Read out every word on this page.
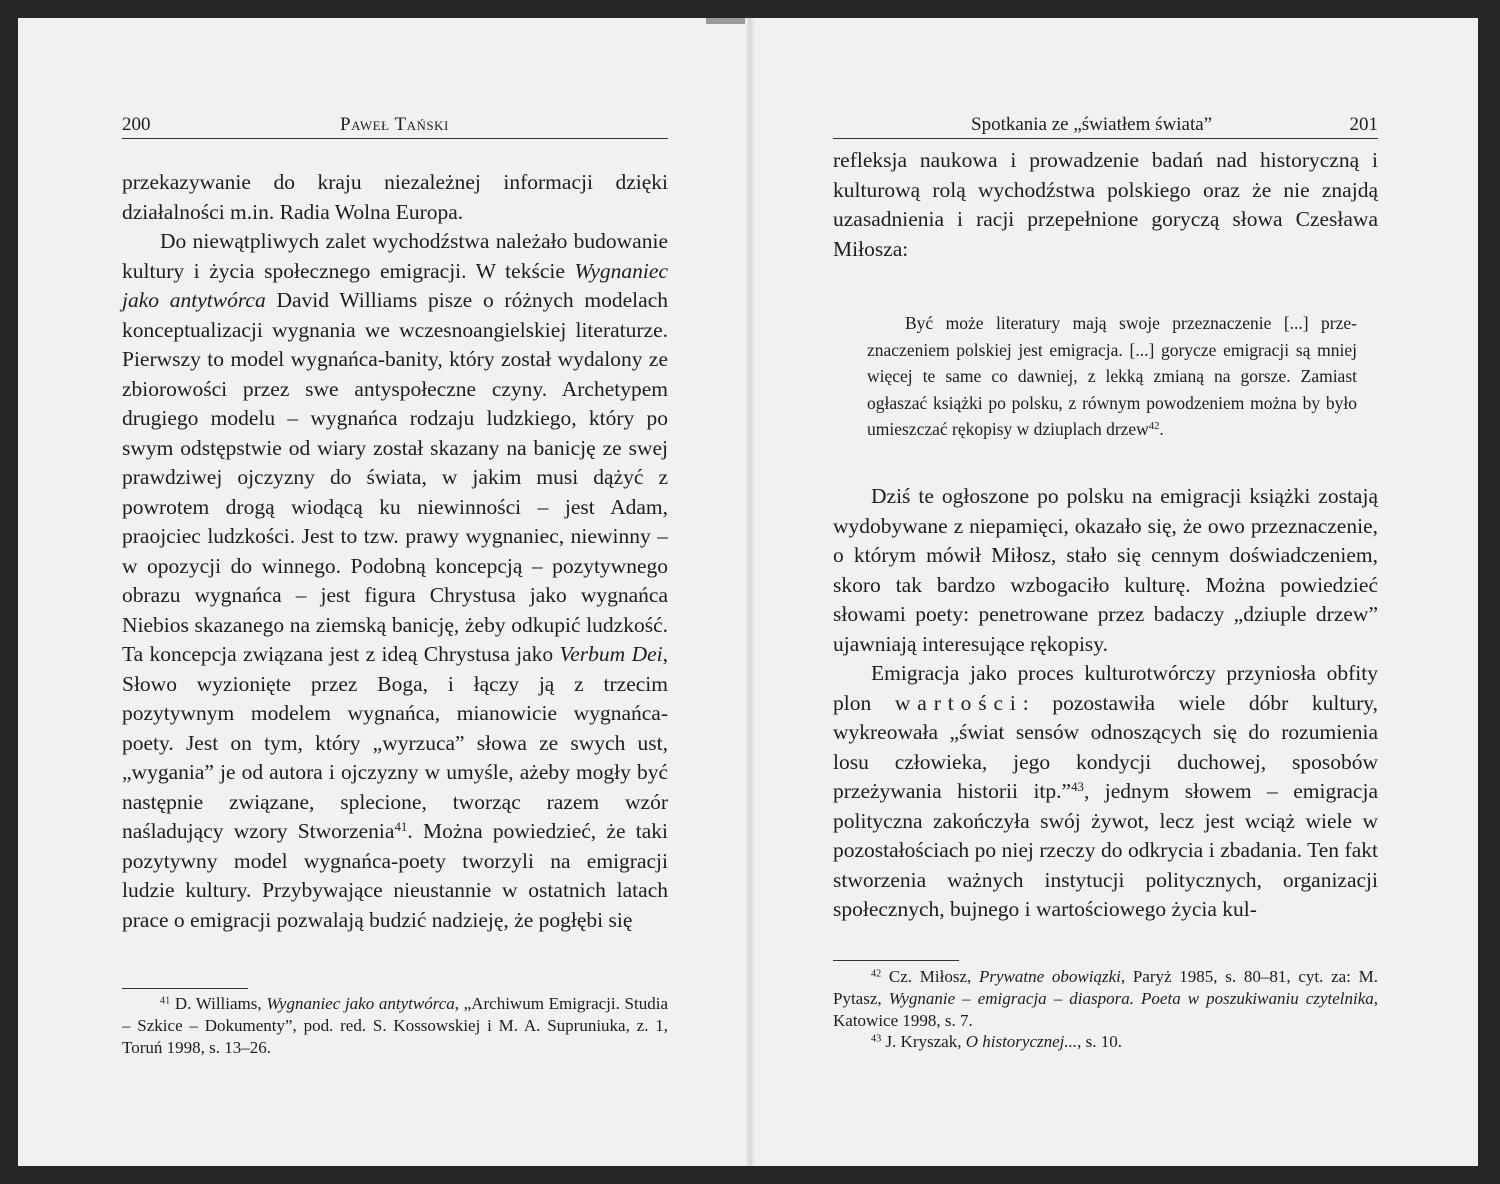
200	Paweł Tański

przekazywanie do kraju niezależnej informacji dzięki działalności m.in. Radia Wolna Europa.

Do niewątpliwych zalet wychodźstwa należało budowanie kultury i życia społecznego emigracji. W tekście Wygnaniec jako antytwórca David Williams pisze o różnych modelach konceptualizacji wygnania we wczesnoangielskiej literaturze. Pierwszy to model wygnańca-banity, który został wydalony ze zbiorowości przez swe antyspołeczne czyny. Archetypem drugiego modelu – wygnańca rodzaju ludzkiego, który po swym odstępstwie od wiary został skazany na banicję ze swej prawdziwej ojczyzny do świata, w jakim musi dążyć z powrotem drogą wiodącą ku niewinności – jest Adam, praojciec ludzkości. Jest to tzw. prawy wygnaniec, niewinny – w opozycji do winnego. Podobną koncepcją – pozytywnego obrazu wygnańca – jest figura Chrystusa jako wygnańca Niebios skazanego na ziemską banicję, żeby odkupić ludzkość. Ta koncepcja związana jest z ideą Chrystusa jako Verbum Dei, Słowo wyzionięte przez Boga, i łączy ją z trzecim pozytywnym modelem wygnańca, mianowicie wygnańca-poety. Jest on tym, który „wyrzuca” słowa ze swych ust, „wygania” je od autora i ojczyzny w umyśle, ażeby mogły być następnie związane, splecione, tworząc razem wzór naśladujący wzory Stworzenia$^{41}$. Można powiedzieć, że taki pozytywny model wygnańca-poety tworzyli na emigracji ludzie kultury. Przybywające nieustannie w ostatnich latach prace o emigracji pozwalają budzić nadzieję, że pogłębi się

$^{41}$ D. Williams, Wygnaniec jako antytwórca, „Archiwum Emigracji. Studia – Szkice – Dokumenty”, pod. red. S. Kossowskiej i M. A. Supruniuka, z. 1, Toruń 1998, s. 13–26.

Spotkania ze „światłem świata”	201

refleksja naukowa i prowadzenie badań nad historyczną i kulturową rolą wychodźstwa polskiego oraz że nie znajdą uzasadnienia i racji przepełnione goryczą słowa Czesława Miłosza:

Być może literatury mają swoje przeznaczenie [...] przeznaczeniem polskiej jest emigracja. [...] gorycze emigracji są mniej więcej te same co dawniej, z lekką zmianą na gorsze. Zamiast ogłaszać książki po polsku, z równym powodzeniem można by było umieszczać rękopisy w dziuplach drzew$^{42}$.

Dziś te ogłoszone po polsku na emigracji książki zostają wydobywane z niepamięci, okazało się, że owo przeznaczenie, o którym mówił Miłosz, stało się cennym doświadczeniem, skoro tak bardzo wzbogaciło kulturę. Można powiedzieć słowami poety: penetrowane przez badaczy „dziuple drzew” ujawniają interesujące rękopisy.

Emigracja jako proces kulturotwórczy przyniosła obfity plon wartości: pozostawiła wiele dóbr kultury, wykreowała „świat sensów odnoszących się do rozumienia losu człowieka, jego kondycji duchowej, sposobów przeżywania historii itp.”$^{43}$, jednym słowem – emigracja polityczna zakończyła swój żywot, lecz jest wciąż wiele w pozostałościach po niej rzeczy do odkrycia i zbadania. Ten fakt stworzenia ważnych instytucji politycznych, organizacji społecznych, bujnego i wartościowego życia kul-

$^{42}$ Cz. Miłosz, Prywatne obowiązki, Paryż 1985, s. 80–81, cyt. za: M. Pytasz, Wygnanie – emigracja – diaspora. Poeta w poszukiwaniu czytelnika, Katowice 1998, s. 7.

$^{43}$ J. Kryszak, O historycznej..., s. 10.
